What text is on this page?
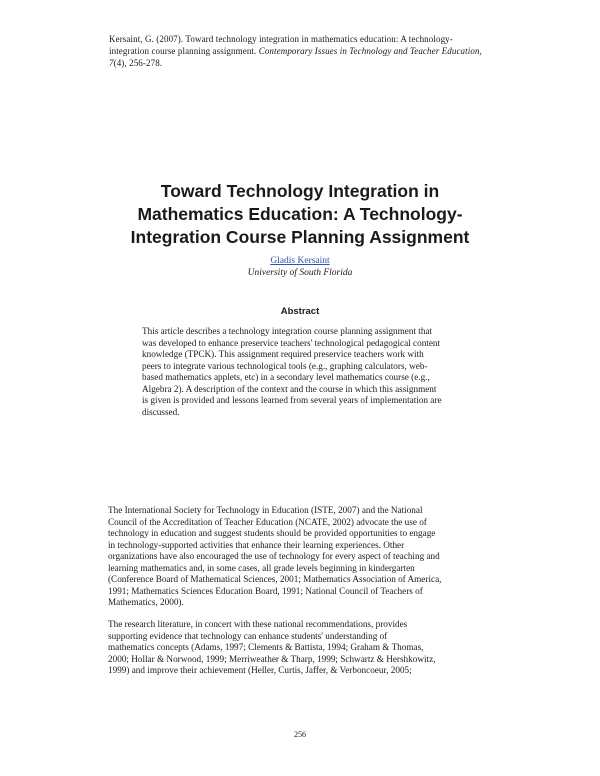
Kersaint, G. (2007). Toward technology integration in mathematics education: A technology-integration course planning assignment. Contemporary Issues in Technology and Teacher Education, 7(4), 256-278.
Toward Technology Integration in
Mathematics Education: A Technology-
Integration Course Planning Assignment
Gladis Kersaint
University of South Florida
Abstract
This article describes a technology integration course planning assignment that
was developed to enhance preservice teachers' technological pedagogical content
knowledge (TPCK). This assignment required preservice teachers work with
peers to integrate various technological tools (e.g., graphing calculators, web-
based mathematics applets, etc) in a secondary level mathematics course (e.g.,
Algebra 2). A description of the context and the course in which this assignment
is given is provided and lessons learned from several years of implementation are
discussed.
The International Society for Technology in Education (ISTE, 2007) and the National
Council of the Accreditation of Teacher Education (NCATE, 2002) advocate the use of
technology in education and suggest students should be provided opportunities to engage
in technology-supported activities that enhance their learning experiences. Other
organizations have also encouraged the use of technology for every aspect of teaching and
learning mathematics and, in some cases, all grade levels beginning in kindergarten
(Conference Board of Mathematical Sciences, 2001; Mathematics Association of America,
1991; Mathematics Sciences Education Board, 1991; National Council of Teachers of
Mathematics, 2000).
The research literature, in concert with these national recommendations, provides
supporting evidence that technology can enhance students' understanding of
mathematics concepts (Adams, 1997; Clements & Battista, 1994; Graham & Thomas,
2000; Hollar & Norwood, 1999; Merriweather & Tharp, 1999; Schwartz & Hershkowitz,
1999) and improve their achievement (Heller, Curtis, Jaffer, & Verboncoeur, 2005;
256
